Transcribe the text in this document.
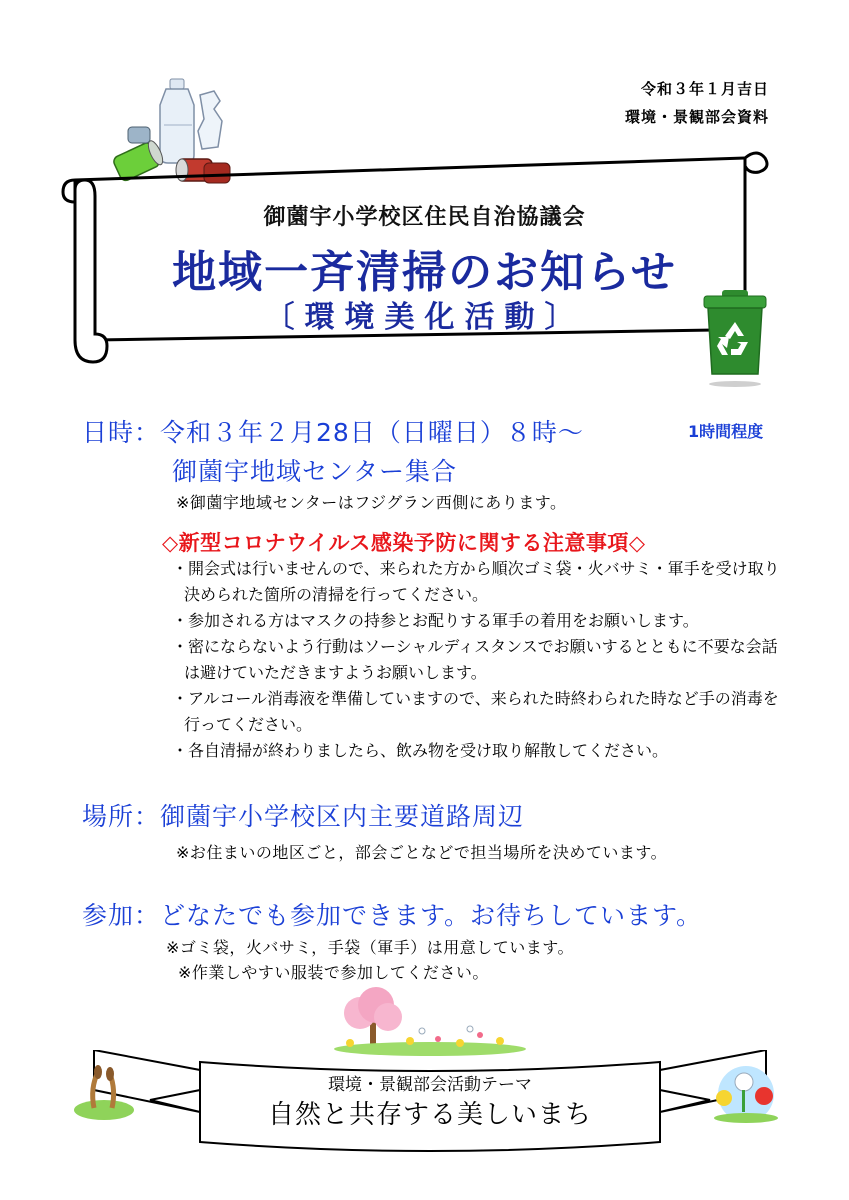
令和３年１月吉日
環境・景観部会資料
御薗宇小学校区住民自治協議会
地域一斉清掃のお知らせ
〔環境美化活動〕
日時：令和３年２月28日（日曜日）８時～	1時間程度
御薗宇地域センター集合
※御薗宇地域センターはフジグラン西側にあります。
◇新型コロナウイルス感染予防に関する注意事項◇
・開会式は行いませんので、来られた方から順次ゴミ袋・火バサミ・軍手を受け取り決められた箇所の清掃を行ってください。
・参加される方はマスクの持参とお配りする軍手の着用をお願いします。
・密にならないよう行動はソーシャルディスタンスでお願いするとともに不要な会話は避けていただきますようお願いします。
・アルコール消毒液を準備していますので、来られた時終わられた時など手の消毒を行ってください。
・各自清掃が終わりましたら、飲み物を受け取り解散してください。
場所：御薗宇小学校区内主要道路周辺
※お住まいの地区ごと，部会ごとなどで担当場所を決めています。
参加：どなたでも参加できます。お待ちしています。
※ゴミ袋，火バサミ，手袋（軍手）は用意しています。
※作業しやすい服装で参加してください。
環境・景観部会活動テーマ
自然と共存する美しいまち
